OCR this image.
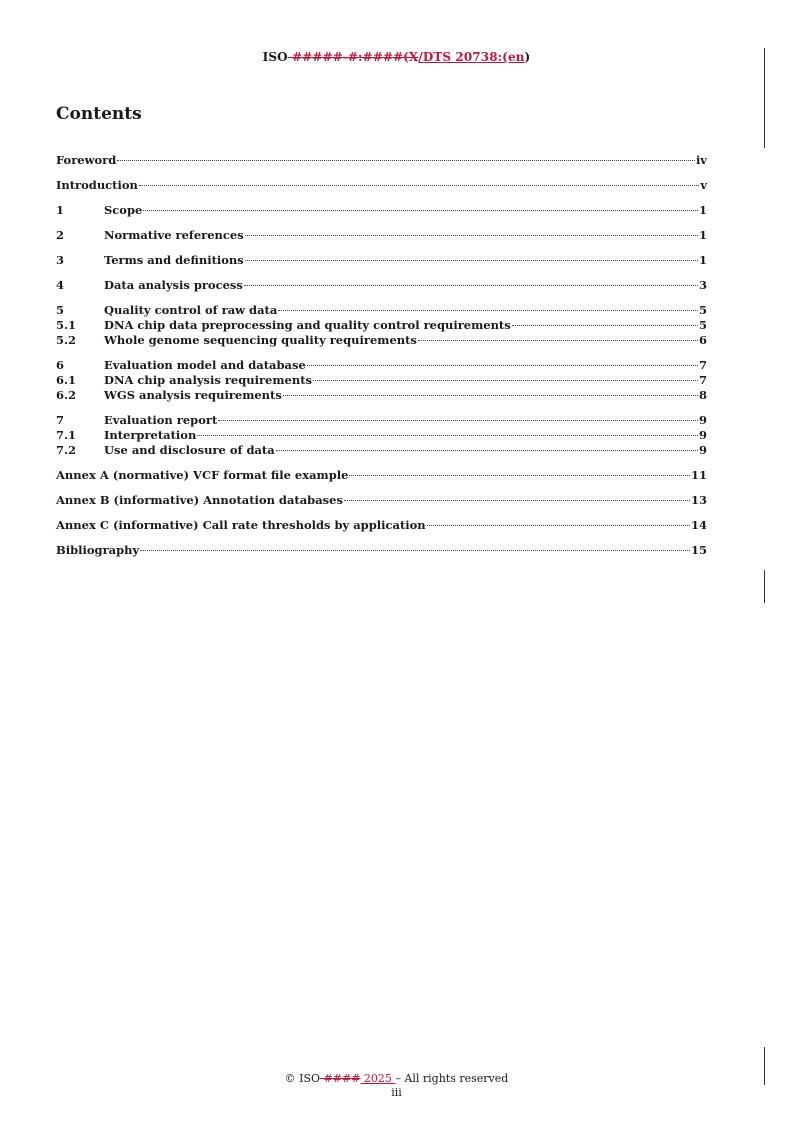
ISO #####-#:####(X/DTS 20738:(en)
Contents
Foreword	iv
Introduction	v
1	Scope	1
2	Normative references	1
3	Terms and definitions	1
4	Data analysis process	3
5	Quality control of raw data	5
5.1	DNA chip data preprocessing and quality control requirements	5
5.2	Whole genome sequencing quality requirements	6
6	Evaluation model and database	7
6.1	DNA chip analysis requirements	7
6.2	WGS analysis requirements	8
7	Evaluation report	9
7.1	Interpretation	9
7.2	Use and disclosure of data	9
Annex A (normative) VCF format file example	11
Annex B (informative) Annotation databases	13
Annex C (informative) Call rate thresholds by application	14
Bibliography	15
© ISO #### 2025 – All rights reserved
iii
